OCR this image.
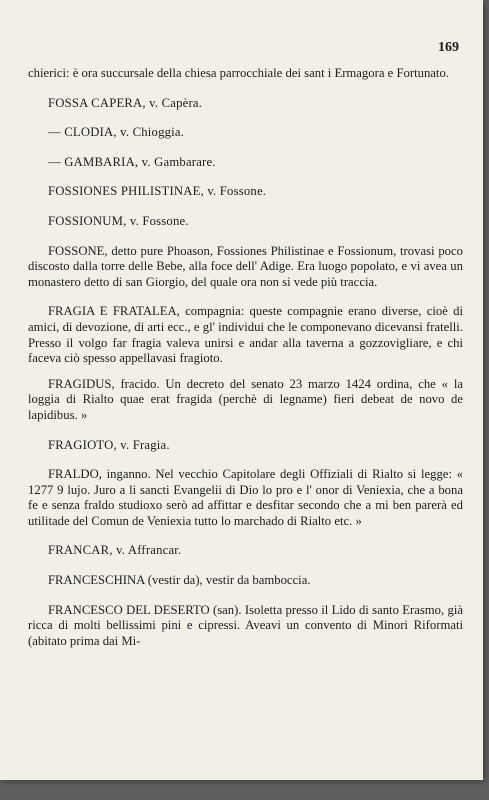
169

chierici: è ora succursale della chiesa parrocchiale dei sant i Ermagora e Fortunato.

FOSSA CAPERA, v. Capèra.

— CLODIA, v. Chioggia.

— GAMBARIA, v. Gambarare.

FOSSIONES PHILISTINAE, v. Fossone.

FOSSIONUM, v. Fossone.

FOSSONE, detto pure Phoason, Fossiones Philistinae e Fossionum, trovasi poco discosto dalla torre delle Bebe, alla foce dell' Adige. Era luogo popolato, e vi avea un monastero detto di san Giorgio, del quale ora non si vede più traccia.

FRAGIA E FRATALEA, compagnia: queste compagnie erano diverse, cioè di amici, di devozione, di arti ecc., e gl' individui che le componevano dicevansi fratelli. Presso il volgo far fragia valeva unirsi e andar alla taverna a gozzovigliare, e chi faceva ciò spesso appellavasi fragioto.

FRAGIDUS, fracido. Un decreto del senato 23 marzo 1424 ordina, che « la loggia di Rialto quae erat fragida (perchè di legname) fieri debeat de novo de lapidibus. »

FRAGIOTO, v. Fragia.

FRALDO, inganno. Nel vecchio Capitolare degli Offiziali di Rialto si legge: « 1277 9 lujo. Juro a li sancti Evangelii di Dio lo pro e l' onor di Veniexia, che a bona fe e senza fraldo studioxo serò ad affittar e desfitar secondo che a mi ben parerà ed utilitade del Comun de Veniexia tutto lo marchado di Rialto etc. »

FRANCAR, v. Affrancar.

FRANCESCHINA (vestir da), vestir da bamboccia.

FRANCESCO DEL DESERTO (san). Isoletta presso il Lido di santo Erasmo, già ricca di molti bellissimi pini e cipressi. Aveavi un convento di Minori Riformati (abitato prima dai Mi-
